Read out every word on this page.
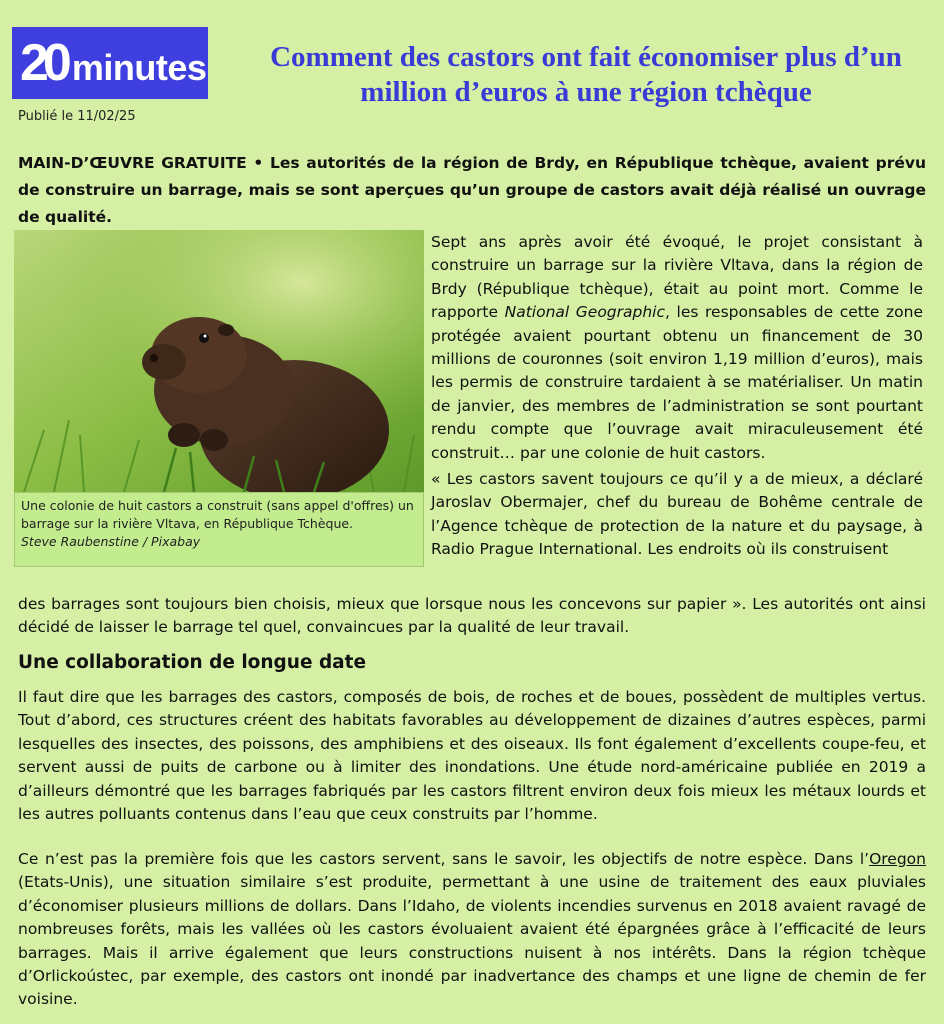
20 minutes
Publié le 11/02/25
Comment des castors ont fait économiser plus d’un million d’euros à une région tchèque

MAIN-D’ŒUVRE GRATUITE • Les autorités de la région de Brdy, en République tchèque, avaient prévu de construire un barrage, mais se sont aperçues qu’un groupe de castors avait déjà réalisé un ouvrage de qualité.

Une colonie de huit castors a construit (sans appel d'offres) un barrage sur la rivière Vltava, en République Tchèque.
Steve Raubenstine / Pixabay

Sept ans après avoir été évoqué, le projet consistant à construire un barrage sur la rivière Vltava, dans la région de Brdy (République tchèque), était au point mort. Comme le rapporte National Geographic, les responsables de cette zone protégée avaient pourtant obtenu un financement de 30 millions de couronnes (soit environ 1,19 million d’euros), mais les permis de construire tardaient à se matérialiser. Un matin de janvier, des membres de l’administration se sont pourtant rendu compte que l’ouvrage avait miraculeusement été construit… par une colonie de huit castors.

« Les castors savent toujours ce qu’il y a de mieux, a déclaré Jaroslav Obermajer, chef du bureau de Bohême centrale de l’Agence tchèque de protection de la nature et du paysage, à Radio Prague International. Les endroits où ils construisent

des barrages sont toujours bien choisis, mieux que lorsque nous les concevons sur papier ». Les autorités ont ainsi décidé de laisser le barrage tel quel, convaincues par la qualité de leur travail.

Une collaboration de longue date

Il faut dire que les barrages des castors, composés de bois, de roches et de boues, possèdent de multiples vertus. Tout d’abord, ces structures créent des habitats favorables au développement de dizaines d’autres espèces, parmi lesquelles des insectes, des poissons, des amphibiens et des oiseaux. Ils font également d’excellents coupe-feu, et servent aussi de puits de carbone ou à limiter des inondations. Une étude nord-américaine publiée en 2019 a d’ailleurs démontré que les barrages fabriqués par les castors filtrent environ deux fois mieux les métaux lourds et les autres polluants contenus dans l’eau que ceux construits par l’homme.

Ce n’est pas la première fois que les castors servent, sans le savoir, les objectifs de notre espèce. Dans l’Oregon (Etats-Unis), une situation similaire s’est produite, permettant à une usine de traitement des eaux pluviales d’économiser plusieurs millions de dollars. Dans l’Idaho, de violents incendies survenus en 2018 avaient ravagé de nombreuses forêts, mais les vallées où les castors évoluaient avaient été épargnées grâce à l’efficacité de leurs barrages. Mais il arrive également que leurs constructions nuisent à nos intérêts. Dans la région tchèque d’Orlickoústec, par exemple, des castors ont inondé par inadvertance des champs et une ligne de chemin de fer voisine.
